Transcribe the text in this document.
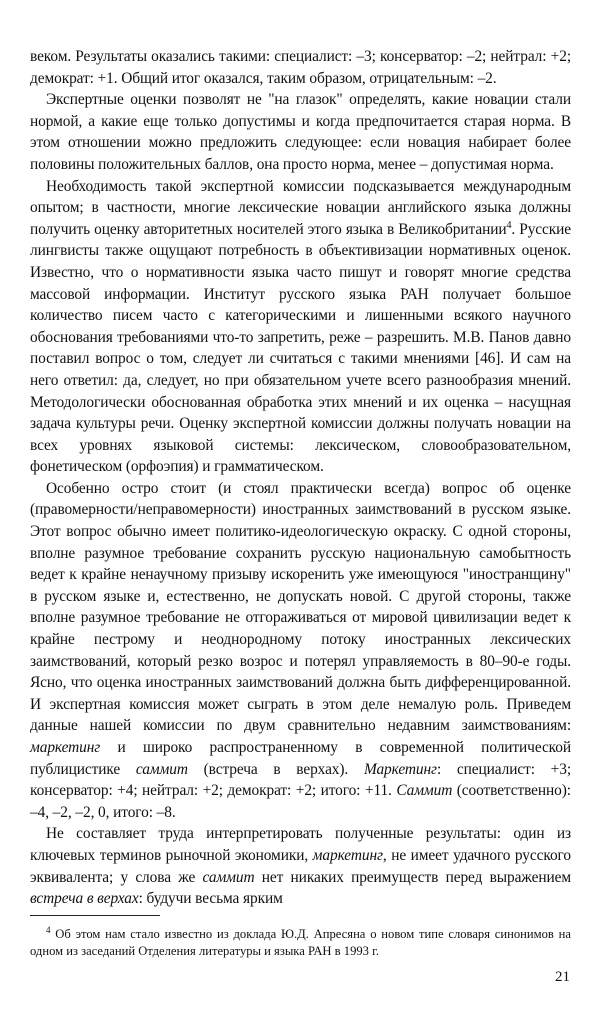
веком. Результаты оказались такими: специалист: –3; консерватор: –2; нейтрал: +2; демократ: +1. Общий итог оказался, таким образом, отрицательным: –2.

Экспертные оценки позволят не "на глазок" определять, какие новации стали нормой, а какие еще только допустимы и когда предпочитается старая норма. В этом отношении можно предложить следующее: если новация набирает более половины положительных баллов, она просто норма, менее – допустимая норма.

Необходимость такой экспертной комиссии подсказывается международным опытом; в частности, многие лексические новации английского языка должны получить оценку авторитетных носителей этого языка в Великобритании$^4$. Русские лингвисты также ощущают потребность в объективизации нормативных оценок. Известно, что о нормативности языка часто пишут и говорят многие средства массовой информации. Институт русского языка РАН получает большое количество писем часто с категорическими и лишенными всякого научного обоснования требованиями что-то запретить, реже – разрешить. М.В. Панов давно поставил вопрос о том, следует ли считаться с такими мнениями [46]. И сам на него ответил: да, следует, но при обязательном учете всего разнообразия мнений. Методологически обоснованная обработка этих мнений и их оценка – насущная задача культуры речи. Оценку экспертной комиссии должны получать новации на всех уровнях языковой системы: лексическом, словообразовательном, фонетическом (орфоэпия) и грамматическом.

Особенно остро стоит (и стоял практически всегда) вопрос об оценке (правомерности/неправомерности) иностранных заимствований в русском языке. Этот вопрос обычно имеет политико-идеологическую окраску. С одной стороны, вполне разумное требование сохранить русскую национальную самобытность ведет к крайне ненаучному призыву искоренить уже имеющуюся "иностранщину" в русском языке и, естественно, не допускать новой. С другой стороны, также вполне разумное требование не отгораживаться от мировой цивилизации ведет к крайне пестрому и неоднородному потоку иностранных лексических заимствований, который резко возрос и потерял управляемость в 80–90-е годы. Ясно, что оценка иностранных заимствований должна быть дифференцированной. И экспертная комиссия может сыграть в этом деле немалую роль. Приведем данные нашей комиссии по двум сравнительно недавним заимствованиям: маркетинг и широко распространенному в современной политической публицистике саммит (встреча в верхах). Маркетинг: специалист: +3; консерватор: +4; нейтрал: +2; демократ: +2; итого: +11. Саммит (соответственно): –4, –2, –2, 0, итого: –8.

Не составляет труда интерпретировать полученные результаты: один из ключевых терминов рыночной экономики, маркетинг, не имеет удачного русского эквивалента; у слова же саммит нет никаких преимуществ перед выражением встреча в верхах: будучи весьма ярким

$^4$ Об этом нам стало известно из доклада Ю.Д. Апресяна о новом типе словаря синонимов на одном из заседаний Отделения литературы и языка РАН в 1993 г.
21
